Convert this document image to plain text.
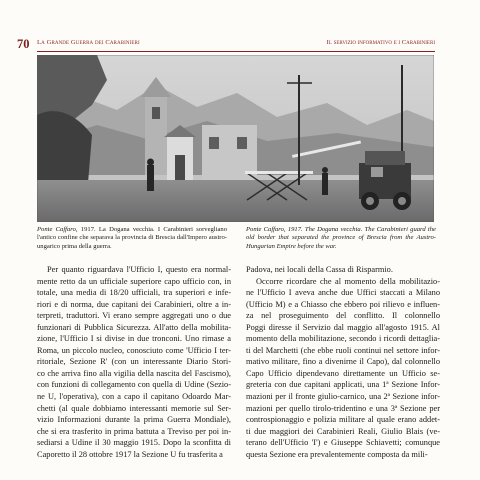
70 La Grande Guerra dei Carabinieri	Il servizio informativo e i Carabinieri
Ponte Caffaro, 1917. La Dogana vecchia. I Carabinieri sorvegliano l'antico confine che separava la provincia di Brescia dall'Impero austro-ungarico prima della guerra.
Ponte Caffaro, 1917. The Dogana vecchia. The Carabinieri guard the old border that separated the province of Brescia from the Austro-Hungarian Empire before the war.
Per quanto riguardava l'Ufficio I, questo era normal-
mente retto da un ufficiale superiore capo ufficio con, in
totale, una media di 18/20 ufficiali, tra superiori e infe-
riori e di norma, due capitani dei Carabinieri, oltre a in-
terpreti, traduttori. Vi erano sempre aggregati uno o due
funzionari di Pubblica Sicurezza. All'atto della mobilita-
zione, l'Ufficio I si divise in due tronconi. Uno rimase a
Roma, un piccolo nucleo, conosciuto come 'Ufficio I ter-
ritoriale, Sezione R' (con un interessante Diario Stori-
co che arriva fino alla vigilia della nascita del Fascismo),
con funzioni di collegamento con quella di Udine (Sezio-
ne U, l'operativa), con a capo il capitano Odoardo Mar-
chetti (al quale dobbiamo interessanti memorie sul Ser-
vizio Informazioni durante la prima Guerra Mondiale),
che si era trasferito in prima battuta a Treviso per poi in-
sediarsi a Udine il 30 maggio 1915. Dopo la sconfitta di
Caporetto il 28 ottobre 1917 la Sezione U fu trasferita a
Padova, nei locali della Cassa di Risparmio.
Occorre ricordare che al momento della mobilitazio-
ne l'Ufficio I aveva anche due Uffici staccati a Milano
(Ufficio M) e a Chiasso che ebbero poi rilievo e influen-
za nel proseguimento del conflitto. Il colonnello
Poggi diresse il Servizio dal maggio all'agosto 1915. Al
momento della mobilitazione, secondo i ricordi dettaglia-
ti del Marchetti (che ebbe ruoli continui nel settore infor-
mativo militare, fino a divenirne il Capo), dal colonnello
Capo Ufficio dipendevano direttamente un Ufficio se-
greteria con due capitani applicati, una 1ª Sezione Infor-
mazioni per il fronte giulio-carnico, una 2ª Sezione infor-
mazioni per quello tirolo-tridentino e una 3ª Sezione per
controspionaggio e polizia militare al quale erano addet-
ti due maggiori dei Carabinieri Reali, Giulio Blais (ve-
terano dell'Ufficio 'I') e Giuseppe Schiavetti; comunque
questa Sezione era prevalentemente composta da mili-
